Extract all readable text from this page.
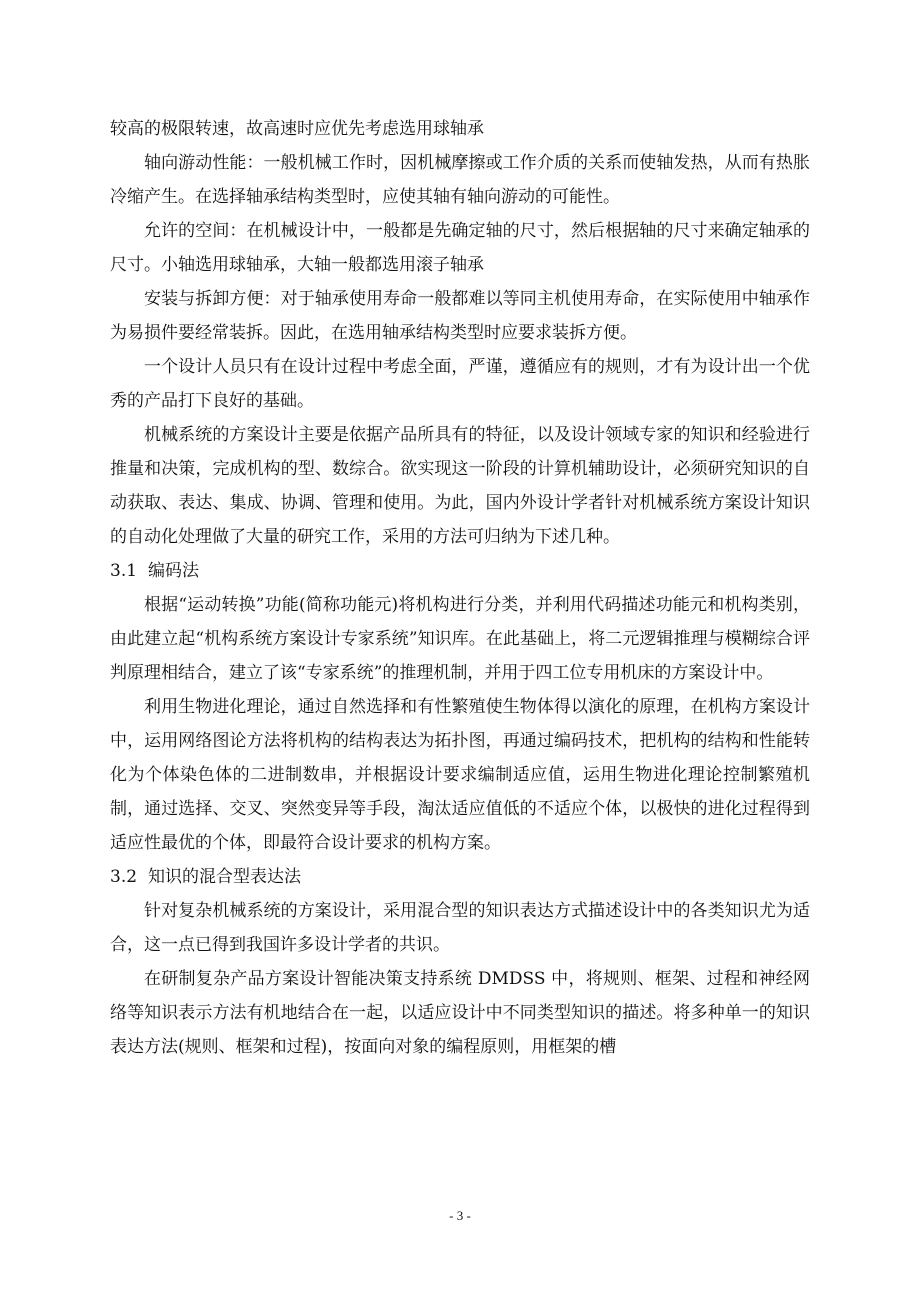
较高的极限转速，故高速时应优先考虑选用球轴承

轴向游动性能：一般机械工作时，因机械摩擦或工作介质的关系而使轴发热，从而有热胀冷缩产生。在选择轴承结构类型时，应使其轴有轴向游动的可能性。

允许的空间：在机械设计中，一般都是先确定轴的尺寸，然后根据轴的尺寸来确定轴承的尺寸。小轴选用球轴承，大轴一般都选用滚子轴承

安装与拆卸方便：对于轴承使用寿命一般都难以等同主机使用寿命，在实际使用中轴承作为易损件要经常装拆。因此，在选用轴承结构类型时应要求装拆方便。

一个设计人员只有在设计过程中考虑全面，严谨，遵循应有的规则，才有为设计出一个优秀的产品打下良好的基础。

机械系统的方案设计主要是依据产品所具有的特征，以及设计领域专家的知识和经验进行推量和决策，完成机构的型、数综合。欲实现这一阶段的计算机辅助设计，必须研究知识的自动获取、表达、集成、协调、管理和使用。为此，国内外设计学者针对机械系统方案设计知识的自动化处理做了大量的研究工作，采用的方法可归纳为下述几种。

3.1 编码法

根据“运动转换”功能(简称功能元)将机构进行分类，并利用代码描述功能元和机构类别，由此建立起“机构系统方案设计专家系统”知识库。在此基础上，将二元逻辑推理与模糊综合评判原理相结合，建立了该“专家系统”的推理机制，并用于四工位专用机床的方案设计中。

利用生物进化理论，通过自然选择和有性繁殖使生物体得以演化的原理，在机构方案设计中，运用网络图论方法将机构的结构表达为拓扑图，再通过编码技术，把机构的结构和性能转化为个体染色体的二进制数串，并根据设计要求编制适应值，运用生物进化理论控制繁殖机制，通过选择、交叉、突然变异等手段，淘汰适应值低的不适应个体，以极快的进化过程得到适应性最优的个体，即最符合设计要求的机构方案。

3.2 知识的混合型表达法

针对复杂机械系统的方案设计，采用混合型的知识表达方式描述设计中的各类知识尤为适合，这一点已得到我国许多设计学者的共识。

在研制复杂产品方案设计智能决策支持系统 DMDSS 中，将规则、框架、过程和神经网络等知识表示方法有机地结合在一起，以适应设计中不同类型知识的描述。将多种单一的知识表达方法(规则、框架和过程)，按面向对象的编程原则，用框架的槽

- 3 -
